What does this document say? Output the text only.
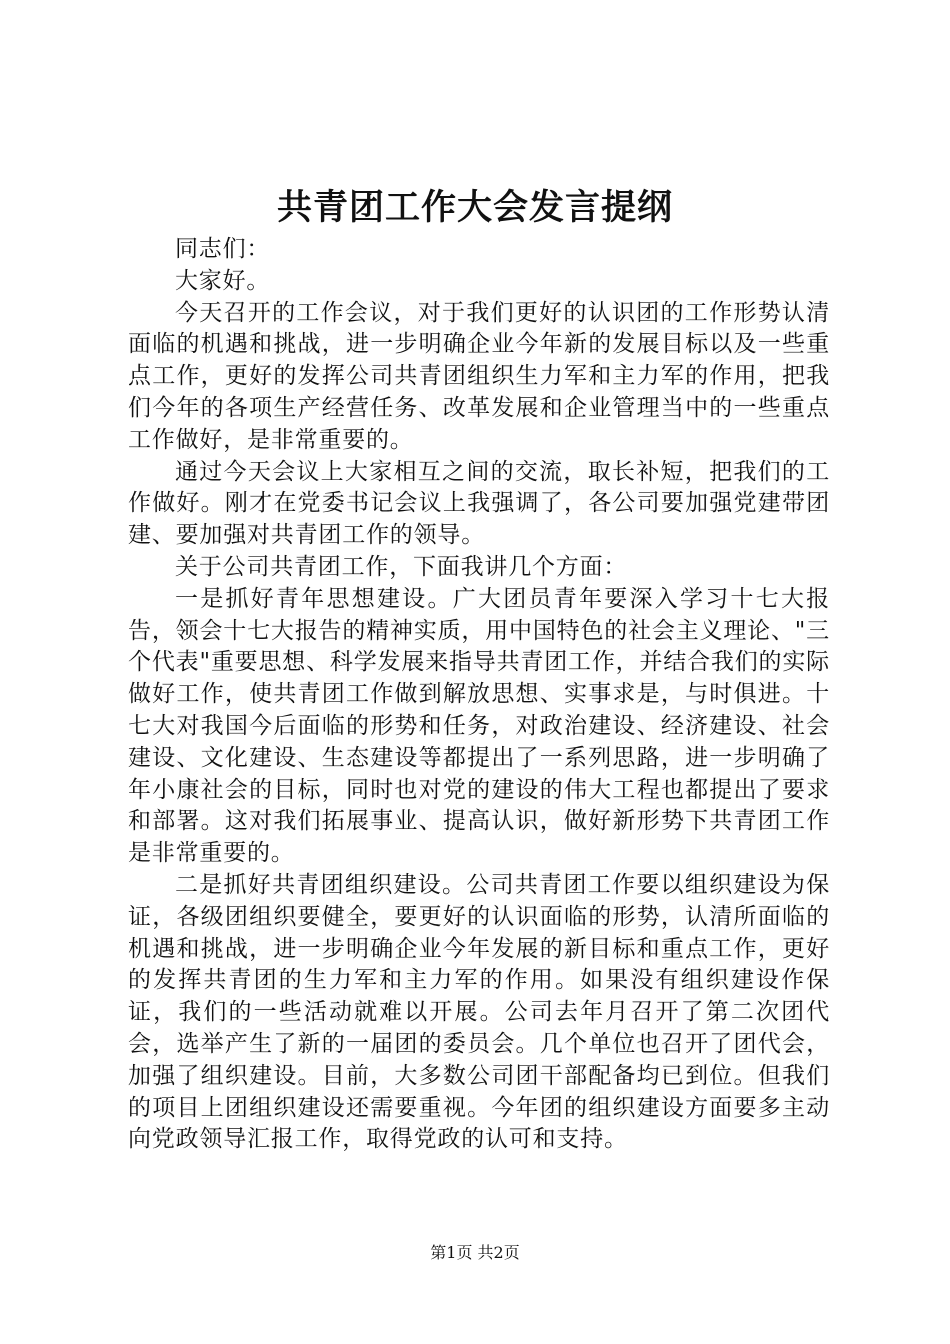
共青团工作大会发言提纲

同志们：

大家好。

今天召开的工作会议，对于我们更好的认识团的工作形势认清面临的机遇和挑战，进一步明确企业今年新的发展目标以及一些重点工作，更好的发挥公司共青团组织生力军和主力军的作用，把我们今年的各项生产经营任务、改革发展和企业管理当中的一些重点工作做好，是非常重要的。

通过今天会议上大家相互之间的交流，取长补短，把我们的工作做好。刚才在党委书记会议上我强调了，各公司要加强党建带团建、要加强对共青团工作的领导。

关于公司共青团工作，下面我讲几个方面：

一是抓好青年思想建设。广大团员青年要深入学习十七大报告，领会十七大报告的精神实质，用中国特色的社会主义理论、"三个代表"重要思想、科学发展来指导共青团工作，并结合我们的实际做好工作，使共青团工作做到解放思想、实事求是，与时俱进。十七大对我国今后面临的形势和任务，对政治建设、经济建设、社会建设、文化建设、生态建设等都提出了一系列思路，进一步明确了年小康社会的目标，同时也对党的建设的伟大工程也都提出了要求和部署。这对我们拓展事业、提高认识，做好新形势下共青团工作是非常重要的。

二是抓好共青团组织建设。公司共青团工作要以组织建设为保证，各级团组织要健全，要更好的认识面临的形势，认清所面临的机遇和挑战，进一步明确企业今年发展的新目标和重点工作，更好的发挥共青团的生力军和主力军的作用。如果没有组织建设作保证，我们的一些活动就难以开展。公司去年月召开了第二次团代会，选举产生了新的一届团的委员会。几个单位也召开了团代会，加强了组织建设。目前，大多数公司团干部配备均已到位。但我们的项目上团组织建设还需要重视。今年团的组织建设方面要多主动向党政领导汇报工作，取得党政的认可和支持。

第1页 共2页
